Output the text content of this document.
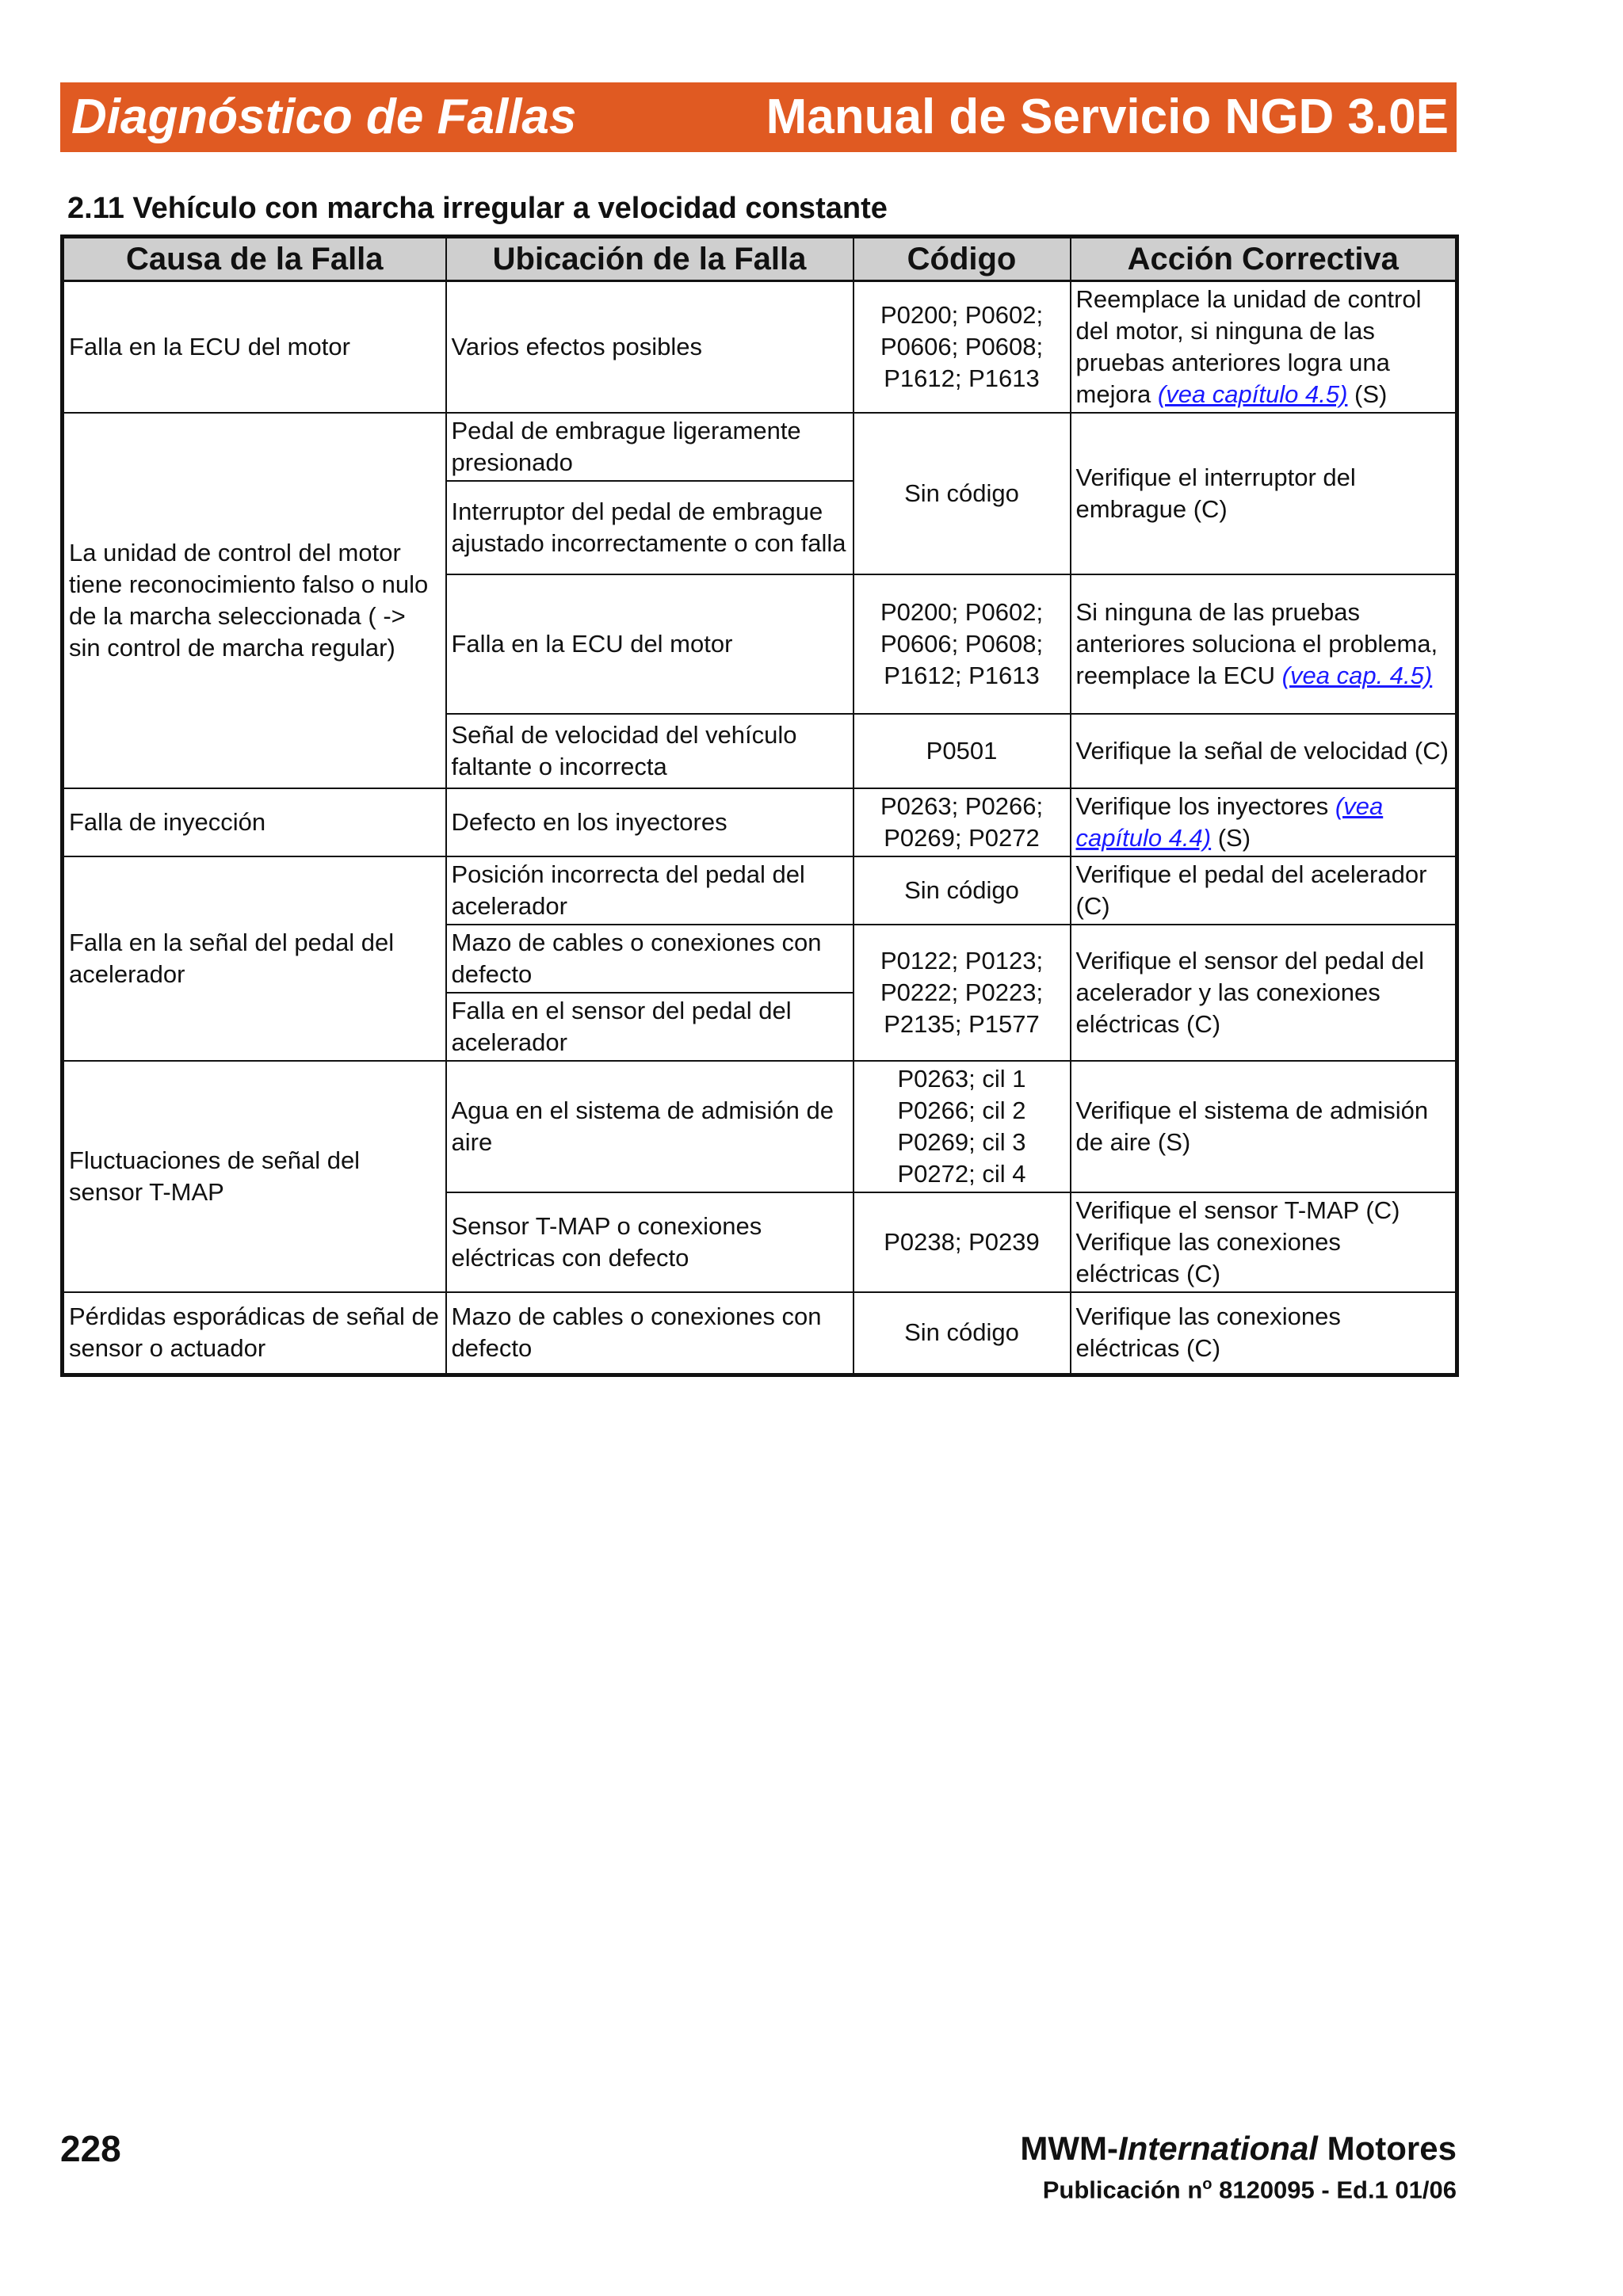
Diagnóstico de Fallas	Manual de Servicio NGD 3.0E
2.11 Vehículo con marcha irregular a velocidad constante
Causa de la Falla	Ubicación de la Falla	Código	Acción Correctiva
Falla en la ECU del motor	Varios efectos posibles	P0200; P0602; P0606; P0608; P1612; P1613	Reemplace la unidad de control del motor, si ninguna de las pruebas anteriores logra una mejora (vea capítulo 4.5) (S)
La unidad de control del motor tiene reconocimiento falso o nulo de la marcha seleccionada ( -> sin control de marcha regular)	Pedal de embrague ligeramente presionado	Sin código	Verifique el interruptor del embrague (C)
	Interruptor del pedal de embrague ajustado incorrectamente o con falla		
	Falla en la ECU del motor	P0200; P0602; P0606; P0608; P1612; P1613	Si ninguna de las pruebas anteriores soluciona el problema, reemplace la ECU (vea cap. 4.5)
	Señal de velocidad del vehículo faltante o incorrecta	P0501	Verifique la señal de velocidad (C)
Falla de inyección	Defecto en los inyectores	P0263; P0266; P0269; P0272	Verifique los inyectores (vea capítulo 4.4) (S)
Falla en la señal del pedal del acelerador	Posición incorrecta del pedal del acelerador	Sin código	Verifique el pedal del acelerador (C)
	Mazo de cables o conexiones con defecto	P0122; P0123; P0222; P0223; P2135; P1577	Verifique el sensor del pedal del acelerador y las conexiones eléctricas (C)
	Falla en el sensor del pedal del acelerador		
Fluctuaciones de señal del sensor T-MAP	Agua en el sistema de admisión de aire	P0263; cil 1 P0266; cil 2 P0269; cil 3 P0272; cil 4	Verifique el sistema de admisión de aire (S)
	Sensor T-MAP o conexiones eléctricas con defecto	P0238; P0239	Verifique el sensor T-MAP (C) Verifique las conexiones eléctricas (C)
Pérdidas esporádicas de señal de sensor o actuador	Mazo de cables o conexiones con defecto	Sin código	Verifique las conexiones eléctricas (C)
228	MWM-International Motores
Publicación $n^o$ 8120095 - Ed.1 01/06
